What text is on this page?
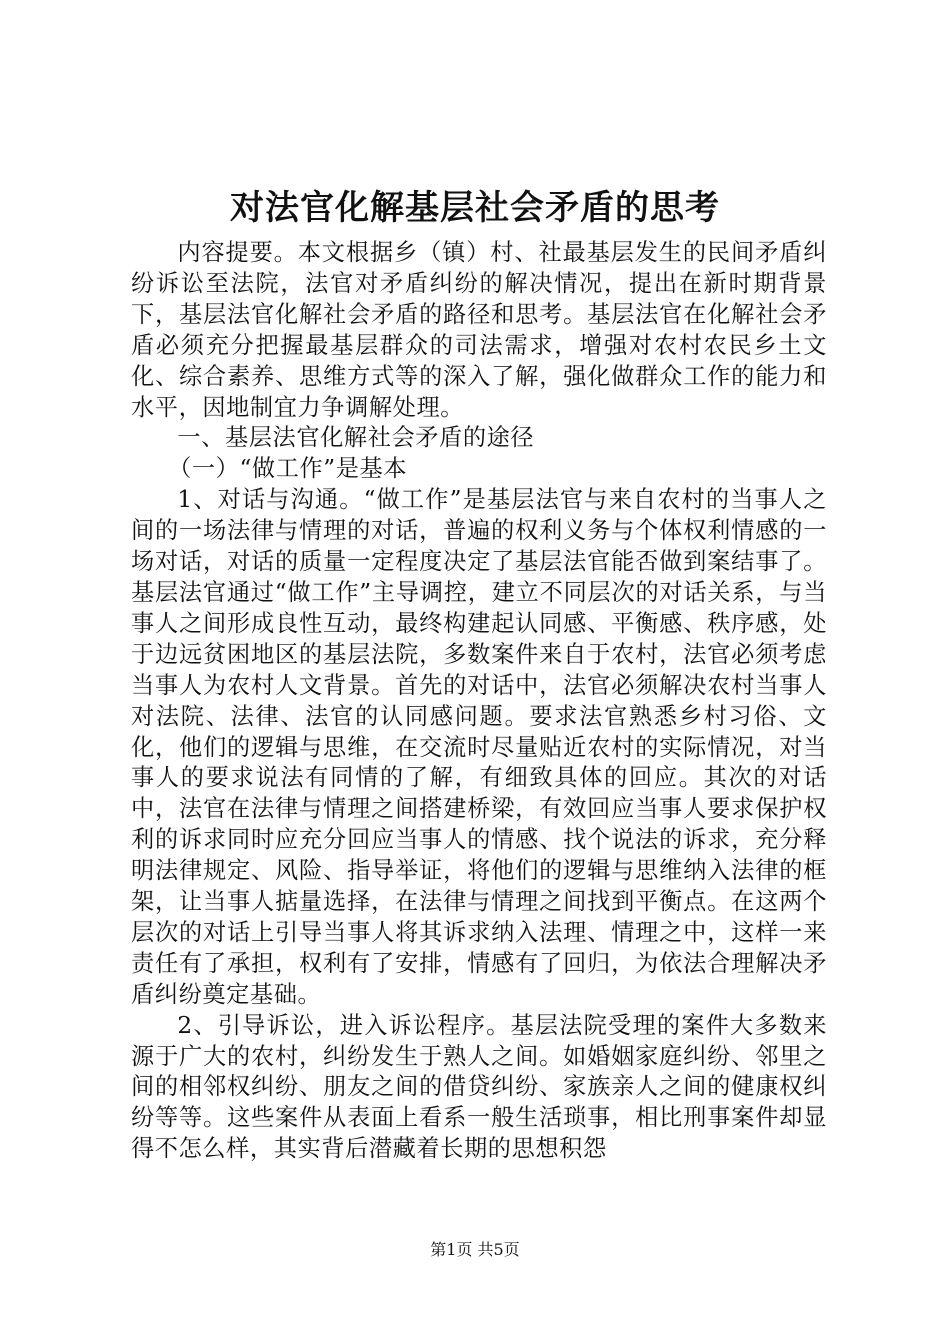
对法官化解基层社会矛盾的思考

内容提要。本文根据乡（镇）村、社最基层发生的民间矛盾纠纷诉讼至法院，法官对矛盾纠纷的解决情况，提出在新时期背景下，基层法官化解社会矛盾的路径和思考。基层法官在化解社会矛盾必须充分把握最基层群众的司法需求，增强对农村农民乡土文化、综合素养、思维方式等的深入了解，强化做群众工作的能力和水平，因地制宜力争调解处理。

一、基层法官化解社会矛盾的途径

（一）“做工作”是基本

1、对话与沟通。“做工作”是基层法官与来自农村的当事人之间的一场法律与情理的对话，普遍的权利义务与个体权利情感的一场对话，对话的质量一定程度决定了基层法官能否做到案结事了。基层法官通过“做工作”主导调控，建立不同层次的对话关系，与当事人之间形成良性互动，最终构建起认同感、平衡感、秩序感，处于边远贫困地区的基层法院，多数案件来自于农村，法官必须考虑当事人为农村人文背景。首先的对话中，法官必须解决农村当事人对法院、法律、法官的认同感问题。要求法官熟悉乡村习俗、文化，他们的逻辑与思维，在交流时尽量贴近农村的实际情况，对当事人的要求说法有同情的了解，有细致具体的回应。其次的对话中，法官在法律与情理之间搭建桥梁，有效回应当事人要求保护权利的诉求同时应充分回应当事人的情感、找个说法的诉求，充分释明法律规定、风险、指导举证，将他们的逻辑与思维纳入法律的框架，让当事人掂量选择，在法律与情理之间找到平衡点。在这两个层次的对话上引导当事人将其诉求纳入法理、情理之中，这样一来责任有了承担，权利有了安排，情感有了回归，为依法合理解决矛盾纠纷奠定基础。

2、引导诉讼，进入诉讼程序。基层法院受理的案件大多数来源于广大的农村，纠纷发生于熟人之间。如婚姻家庭纠纷、邻里之间的相邻权纠纷、朋友之间的借贷纠纷、家族亲人之间的健康权纠纷等等。这些案件从表面上看系一般生活琐事，相比刑事案件却显得不怎么样，其实背后潜藏着长期的思想积怨

第1页 共5页
